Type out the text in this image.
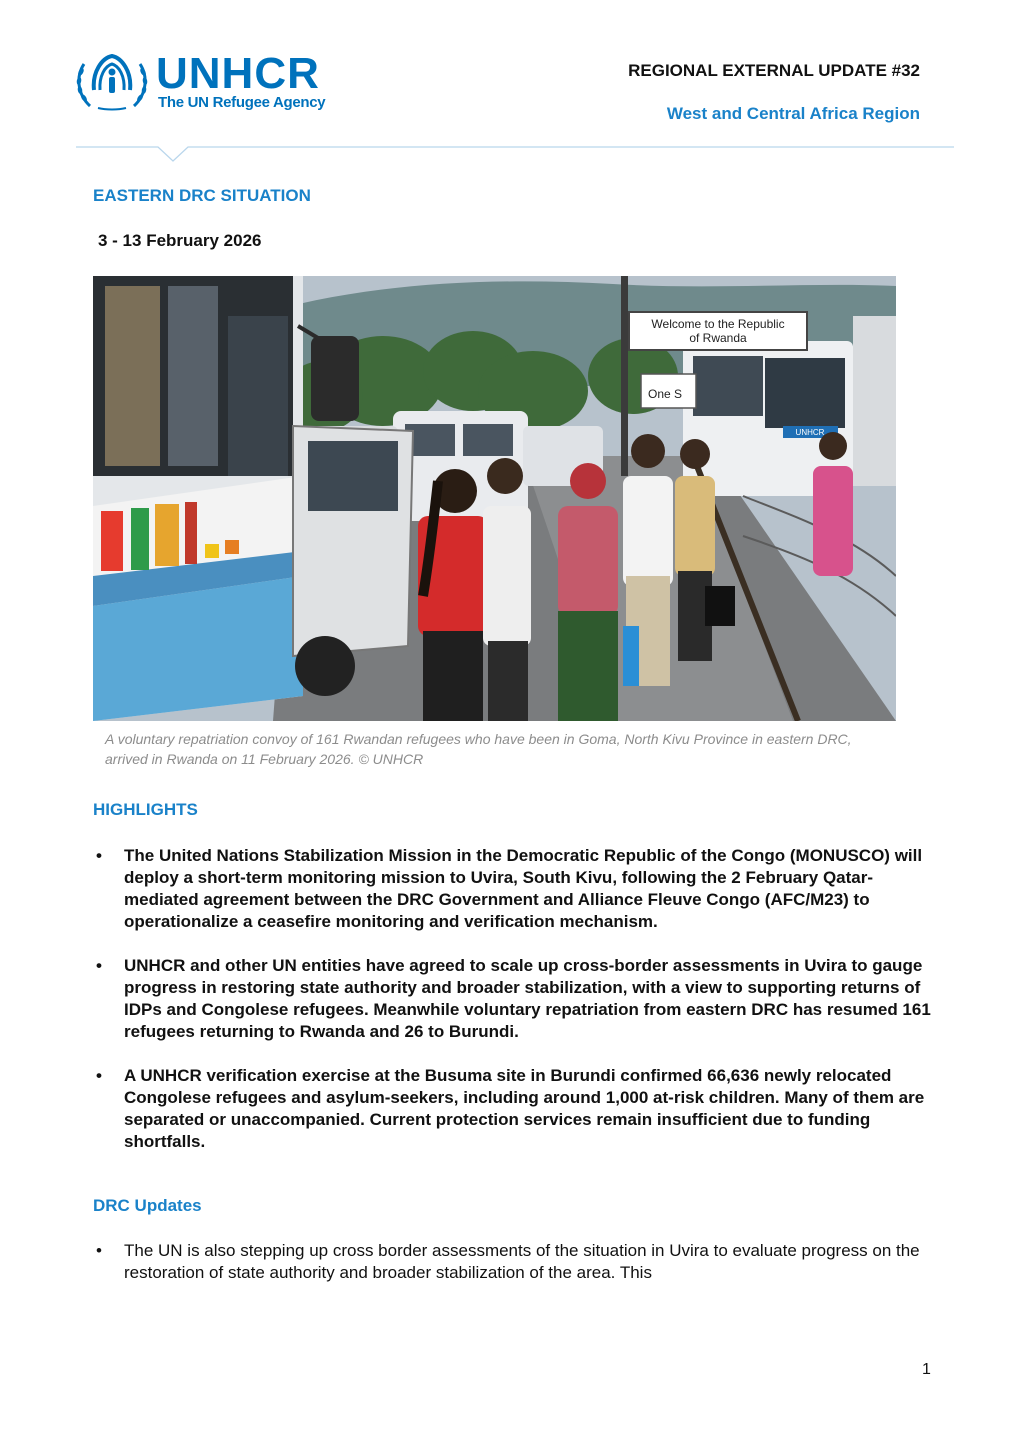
UNHCR
The UN Refugee Agency
REGIONAL EXTERNAL UPDATE #32
West and Central Africa Region
EASTERN DRC SITUATION
3 - 13 February 2026
UNHCR
Welcome to the Republic
of Rwanda
One S
A voluntary repatriation convoy of 161 Rwandan refugees who have been in Goma, North Kivu Province in eastern DRC, arrived in Rwanda on 11 February 2026. © UNHCR
HIGHLIGHTS
• The United Nations Stabilization Mission in the Democratic Republic of the Congo (MONUSCO) will deploy a short-term monitoring mission to Uvira, South Kivu, following the 2 February Qatar-mediated agreement between the DRC Government and Alliance Fleuve Congo (AFC/M23) to operationalize a ceasefire monitoring and verification mechanism.
• UNHCR and other UN entities have agreed to scale up cross-border assessments in Uvira to gauge progress in restoring state authority and broader stabilization, with a view to supporting returns of IDPs and Congolese refugees. Meanwhile voluntary repatriation from eastern DRC has resumed 161 refugees returning to Rwanda and 26 to Burundi.
• A UNHCR verification exercise at the Busuma site in Burundi confirmed 66,636 newly relocated Congolese refugees and asylum-seekers, including around 1,000 at-risk children. Many of them are separated or unaccompanied. Current protection services remain insufficient due to funding shortfalls.
DRC Updates
• The UN is also stepping up cross border assessments of the situation in Uvira to evaluate progress on the restoration of state authority and broader stabilization of the area. This
1
